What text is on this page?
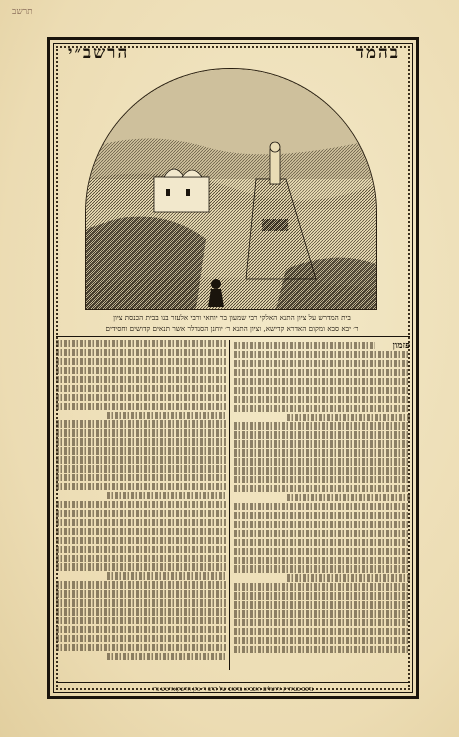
תרשב
הרשב״י	בהמד
בית המדרש על ציון התנא האלקי רבי שמעון בר יוחאי ורבי אלעזר בנו בבית הכנסת ציון
ר׳ יבא סבא ומקום האדרא קדישא, וציון התנא ר׳ יוחנן הסנדלר אשר תנאים קדושים וחסידים
פזמון
נדפס בעיה״ק ירושלים תובב״א בדפוס של הרב ר׳ נתן הרשקאוויטש נרו
